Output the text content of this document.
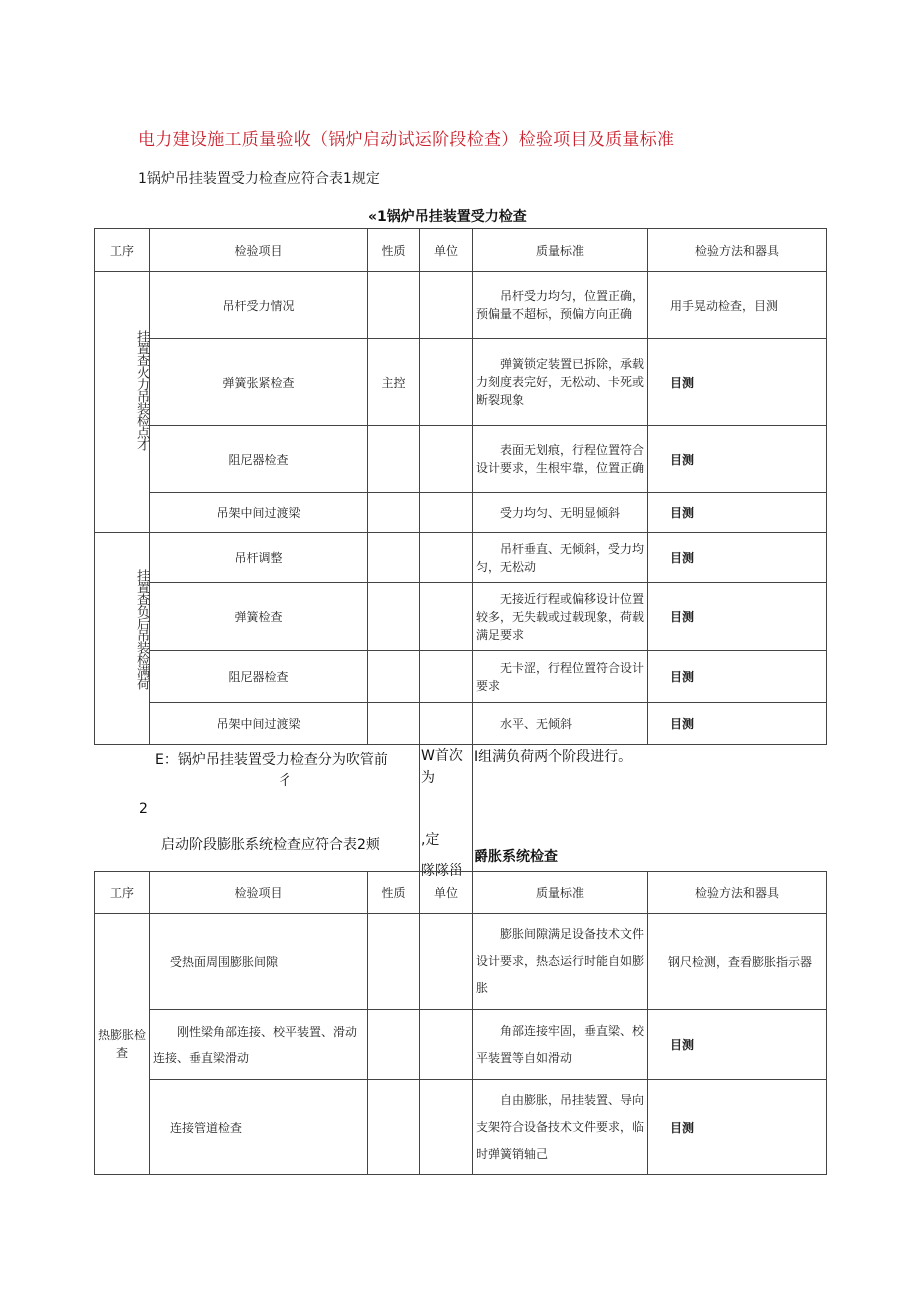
电力建设施工质量验收（锅炉启动试运阶段检查）检验项目及质量标准
1锅炉吊挂装置受力检查应符合表1规定
«1锅炉吊挂装置受力检查
工序	检验项目	性质	单位	质量标准	检验方法和器具
挂置查火力吊装检点才	吊杆受力情况			吊杆受力均匀，位置正确，预偏量不超标，预偏方向正确	用手晃动检查，目测
	弹簧张紧检查	主控		弹簧锁定装置已拆除，承载力刻度表完好，无松动、卡死或断裂现象	目测
	阻尼器检查			表面无划痕，行程位置符合设计要求，生根牢靠，位置正确	目测
	吊架中间过渡梁			受力均匀、无明显倾斜	目测
挂置查负后吊装检满荷	吊杆调整			吊杆垂直、无倾斜，受力均匀，无松动	目测
	弹簧检查			无接近行程或偏移设计位置较多，无失载或过载现象，荷载满足要求	目测
	阻尼器检查			无卡涩，行程位置符合设计要求	目测
	吊架中间过渡梁			水平、无倾斜	目测
E：锅炉吊挂装置受力检查分为吹管前
彳
W首次
为
I组满负荷两个阶段进行。
2
启动阶段膨胀系统检查应符合表2颊	,定
隊隊甾
爵胀系统检查
工序	检验项目	性质	单位	质量标准	检验方法和器具
热膨胀检查	受热面周围膨胀间隙			膨胀间隙满足设备技术文件设计要求，热态运行时能自如膨胀	钢尺检测，查看膨胀指示器
	刚性梁角部连接、校平装置、滑动连接、垂直梁滑动			角部连接牢固，垂直梁、校平装置等自如滑动	目测
	连接管道检查			自由膨胀，吊挂装置、导向支架符合设备技术文件要求，临时弹簧销轴己	目测
